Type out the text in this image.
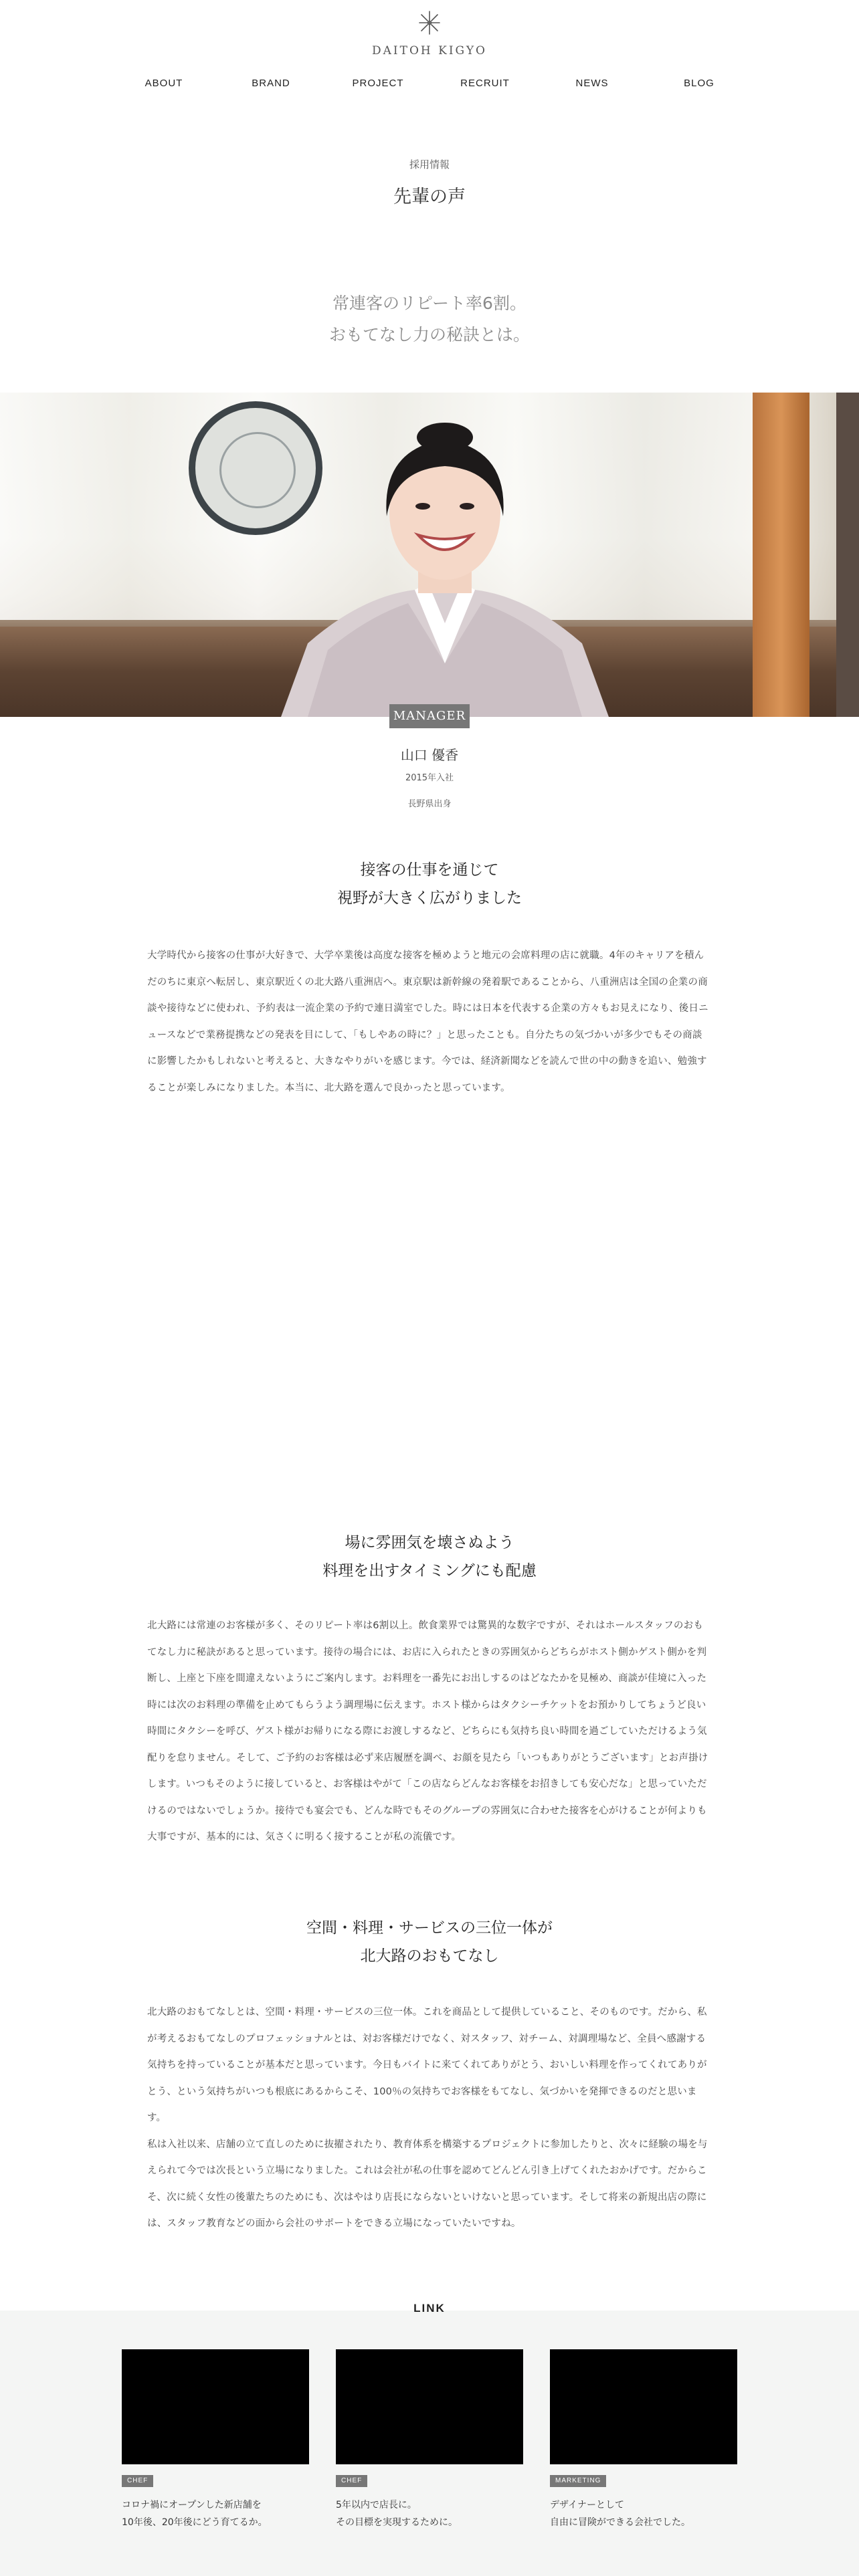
DAITOH KIGYO
ABOUT	BRAND	PROJECT	RECRUIT	NEWS	BLOG
採用情報
先輩の声
常連客のリピート率6割。
おもてなし力の秘訣とは。
MANAGER
山口 優香
2015年入社
長野県出身
接客の仕事を通じて
視野が大きく広がりました

大学時代から接客の仕事が大好きで、大学卒業後は高度な接客を極めようと地元の会席料理の店に就職。4年のキャリアを積んだのちに東京へ転居し、東京駅近くの北大路八重洲店へ。東京駅は新幹線の発着駅であることから、八重洲店は全国の企業の商談や接待などに使われ、予約表は一流企業の予約で連日満室でした。時には日本を代表する企業の方々もお見えになり、後日ニュースなどで業務提携などの発表を目にして、「もしやあの時に？」と思ったことも。自分たちの気づかいが多少でもその商談に影響したかもしれないと考えると、大きなやりがいを感じます。今では、経済新聞などを読んで世の中の動きを追い、勉強することが楽しみになりました。本当に、北大路を選んで良かったと思っています。

場に雰囲気を壊さぬよう
料理を出すタイミングにも配慮

北大路には常連のお客様が多く、そのリピート率は6割以上。飲食業界では驚異的な数字ですが、それはホールスタッフのおもてなし力に秘訣があると思っています。接待の場合には、お店に入られたときの雰囲気からどちらがホスト側かゲスト側かを判断し、上座と下座を間違えないようにご案内します。お料理を一番先にお出しするのはどなたかを見極め、商談が佳境に入った時には次のお料理の準備を止めてもらうよう調理場に伝えます。ホスト様からはタクシーチケットをお預かりしてちょうど良い時間にタクシーを呼び、ゲスト様がお帰りになる際にお渡しするなど、どちらにも気持ち良い時間を過ごしていただけるよう気配りを怠りません。そして、ご予約のお客様は必ず来店履歴を調べ、お顔を見たら「いつもありがとうございます」とお声掛けします。いつもそのように接していると、お客様はやがて「この店ならどんなお客様をお招きしても安心だな」と思っていただけるのではないでしょうか。接待でも宴会でも、どんな時でもそのグループの雰囲気に合わせた接客を心がけることが何よりも大事ですが、基本的には、気さくに明るく接することが私の流儀です。

空間・料理・サービスの三位一体が
北大路のおもてなし

北大路のおもてなしとは、空間・料理・サービスの三位一体。これを商品として提供していること、そのものです。だから、私が考えるおもてなしのプロフェッショナルとは、対お客様だけでなく、対スタッフ、対チーム、対調理場など、全員へ感謝する気持ちを持っていることが基本だと思っています。今日もバイトに来てくれてありがとう、おいしい料理を作ってくれてありがとう、という気持ちがいつも根底にあるからこそ、100％の気持ちでお客様をもてなし、気づかいを発揮できるのだと思います。

私は入社以来、店舗の立て直しのために抜擢されたり、教育体系を構築するプロジェクトに参加したりと、次々に経験の場を与えられて今では次長という立場になりました。これは会社が私の仕事を認めてどんどん引き上げてくれたおかげです。だからこそ、次に続く女性の後輩たちのためにも、次はやはり店長にならないといけないと思っています。そして将来の新規出店の際には、スタッフ教育などの面から会社のサポートをできる立場になっていたいですね。

LINK
CHEF
コロナ禍にオープンした新店舗を
10年後、20年後にどう育てるか。
CHEF
5年以内で店長に。
その目標を実現するために。
MARKETING
デザイナーとして
自由に冒険ができる会社でした。
